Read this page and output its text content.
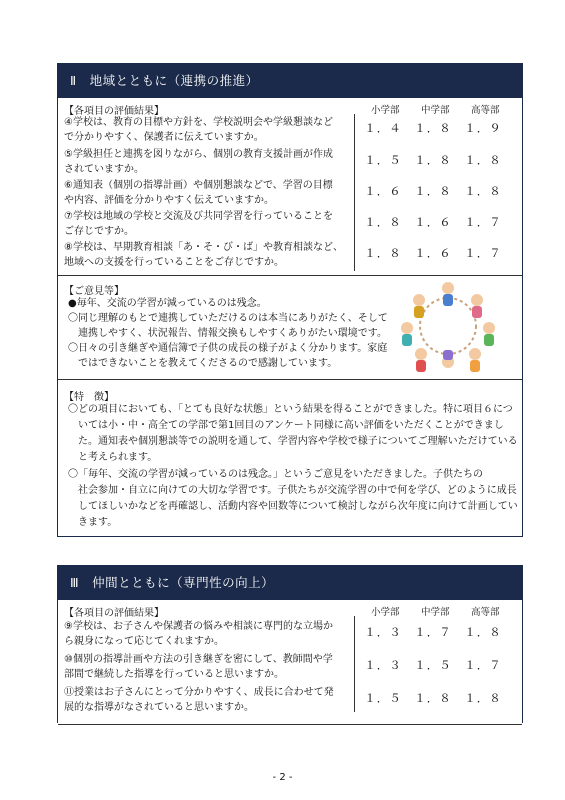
Ⅱ　地域とともに（連携の推進）
【各項目の評価結果】	小学部 中学部 高等部
④学校は、教育の目標や方針を、学校説明会や学級懇談など
で分かりやすく、保護者に伝えていますか。
１．４	１．８	１．９
⑤学級担任と連携を図りながら、個別の教育支援計画が作成
されていますか。
１．５	１．８	１．８
⑥通知表（個別の指導計画）や個別懇談などで、学習の目標
や内容、評価を分かりやすく伝えていますか。
１．６	１．８	１．８
⑦学校は地域の学校と交流及び共同学習を行っていることを
ご存じですか。
１．８	１．６	１．７
⑧学校は、早期教育相談「あ・そ・び・ば」や教育相談など、
地域への支援を行っていることをご存じですか。
１．８	１．６	１．７
【ご意見等】
●毎年、交流の学習が減っているのは残念。
〇同じ理解のもとで連携していただけるのは本当にありがたく、そして
　連携しやすく、状況報告、情報交換もしやすくありがたい環境です。
〇日々の引き継ぎや通信簿で子供の成長の様子がよく分かります。家庭
　ではできないことを教えてくださるので感謝しています。
【特　徴】
〇どの項目においても、「とても良好な状態」という結果を得ることができました。特に項目６につ
　いては小・中・高全ての学部で第1回目のアンケート同様に高い評価をいただくことができまし
　た。通知表や個別懇談等での説明を通して、学習内容や学校で様子についてご理解いただけている
　と考えられます。
〇「毎年、交流の学習が減っているのは残念。」というご意見をいただきました。子供たちの
　社会参加・自立に向けての大切な学習です。子供たちが交流学習の中で何を学び、どのように成長
　してほしいかなどを再確認し、活動内容や回数等について検討しながら次年度に向けて計画してい
　きます。
Ⅲ　仲間とともに（専門性の向上）
【各項目の評価結果】	小学部 中学部 高等部
⑨学校は、お子さんや保護者の悩みや相談に専門的な立場か
ら親身になって応じてくれますか。
１．３	１．７	１．８
⑩個別の指導計画や方法の引き継ぎを密にして、教師間や学
部間で継続した指導を行っていると思いますか。
１．３	１．５	１．７
⑪授業はお子さんにとって分かりやすく、成長に合わせて発
展的な指導がなされていると思いますか。
１．５	１．８	１．８
- 2 -
